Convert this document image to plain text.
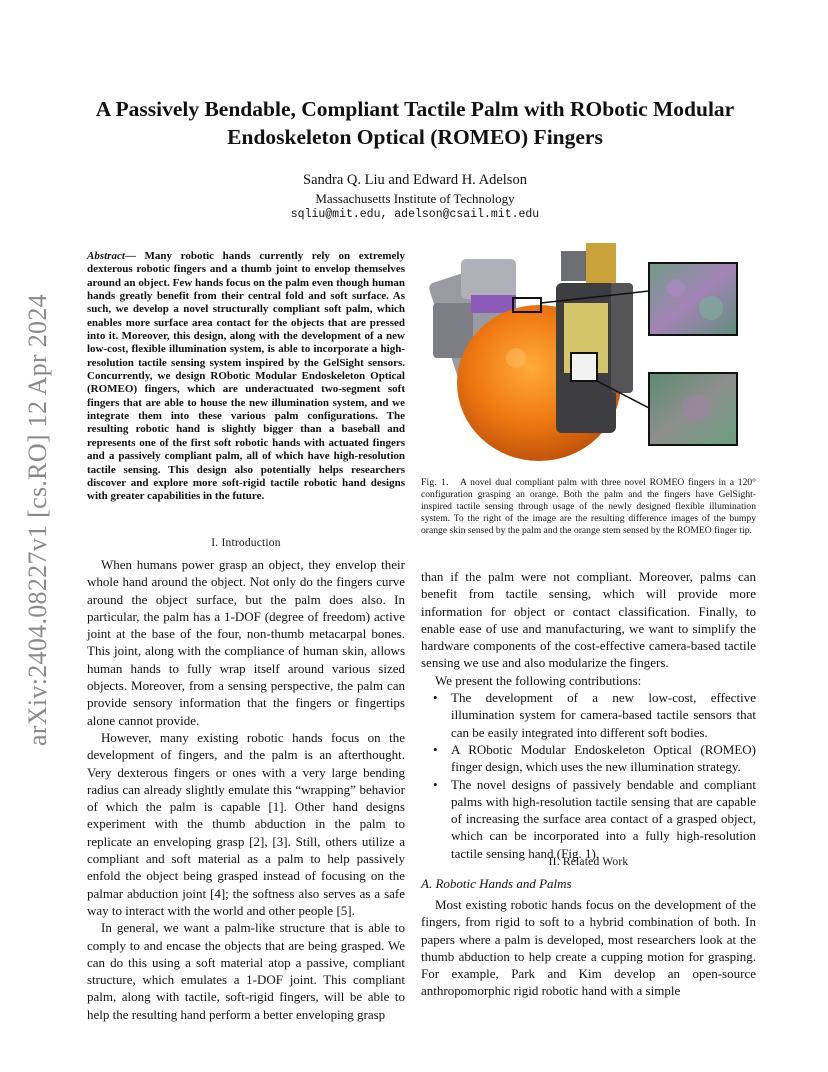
arXiv:2404.08227v1 [cs.RO] 12 Apr 2024
A Passively Bendable, Compliant Tactile Palm with RObotic Modular
Endoskeleton Optical (ROMEO) Fingers
Sandra Q. Liu and Edward H. Adelson
Massachusetts Institute of Technology
sqliu@mit.edu, adelson@csail.mit.edu
Abstract— Many robotic hands currently rely on extremely dexterous robotic fingers and a thumb joint to envelop themselves around an object. Few hands focus on the palm even though human hands greatly benefit from their central fold and soft surface. As such, we develop a novel structurally compliant soft palm, which enables more surface area contact for the objects that are pressed into it. Moreover, this design, along with the development of a new low-cost, flexible illumination system, is able to incorporate a high-resolution tactile sensing system inspired by the GelSight sensors. Concurrently, we design RObotic Modular Endoskeleton Optical (ROMEO) fingers, which are underactuated two-segment soft fingers that are able to house the new illumination system, and we integrate them into these various palm configurations. The resulting robotic hand is slightly bigger than a baseball and represents one of the first soft robotic hands with actuated fingers and a passively compliant palm, all of which have high-resolution tactile sensing. This design also potentially helps researchers discover and explore more soft-rigid tactile robotic hand designs with greater capabilities in the future.
I. Introduction

When humans power grasp an object, they envelop their whole hand around the object. Not only do the fingers curve around the object surface, but the palm does also. In particular, the palm has a 1-DOF (degree of freedom) active joint at the base of the four, non-thumb metacarpal bones. This joint, along with the compliance of human skin, allows human hands to fully wrap itself around various sized objects. Moreover, from a sensing perspective, the palm can provide sensory information that the fingers or fingertips alone cannot provide.

However, many existing robotic hands focus on the development of fingers, and the palm is an afterthought. Very dexterous fingers or ones with a very large bending radius can already slightly emulate this “wrapping” behavior of which the palm is capable [1]. Other hand designs experiment with the thumb abduction in the palm to replicate an enveloping grasp [2], [3]. Still, others utilize a compliant and soft material as a palm to help passively enfold the object being grasped instead of focusing on the palmar abduction joint [4]; the softness also serves as a safe way to interact with the world and other people [5].

In general, we want a palm-like structure that is able to comply to and encase the objects that are being grasped. We can do this using a soft material atop a passive, compliant structure, which emulates a 1-DOF joint. This compliant palm, along with tactile, soft-rigid fingers, will be able to help the resulting hand perform a better enveloping grasp

Fig. 1. A novel dual compliant palm with three novel ROMEO fingers in a 120° configuration grasping an orange. Both the palm and the fingers have GelSight-inspired tactile sensing through usage of the newly designed flexible illumination system. To the right of the image are the resulting difference images of the bumpy orange skin sensed by the palm and the orange stem sensed by the ROMEO finger tip.

than if the palm were not compliant. Moreover, palms can benefit from tactile sensing, which will provide more information for object or contact classification. Finally, to enable ease of use and manufacturing, we want to simplify the hardware components of the cost-effective camera-based tactile sensing we use and also modularize the fingers.

We present the following contributions:

• The development of a new low-cost, effective illumination system for camera-based tactile sensors that can be easily integrated into different soft bodies.
• A RObotic Modular Endoskeleton Optical (ROMEO) finger design, which uses the new illumination strategy.
• The novel designs of passively bendable and compliant palms with high-resolution tactile sensing that are capable of increasing the surface area contact of a grasped object, which can be incorporated into a fully high-resolution tactile sensing hand (Fig. 1).
II. Related Work
A. Robotic Hands and Palms

Most existing robotic hands focus on the development of the fingers, from rigid to soft to a hybrid combination of both. In papers where a palm is developed, most researchers look at the thumb abduction to help create a cupping motion for grasping. For example, Park and Kim develop an open-source anthropomorphic rigid robotic hand with a simple
